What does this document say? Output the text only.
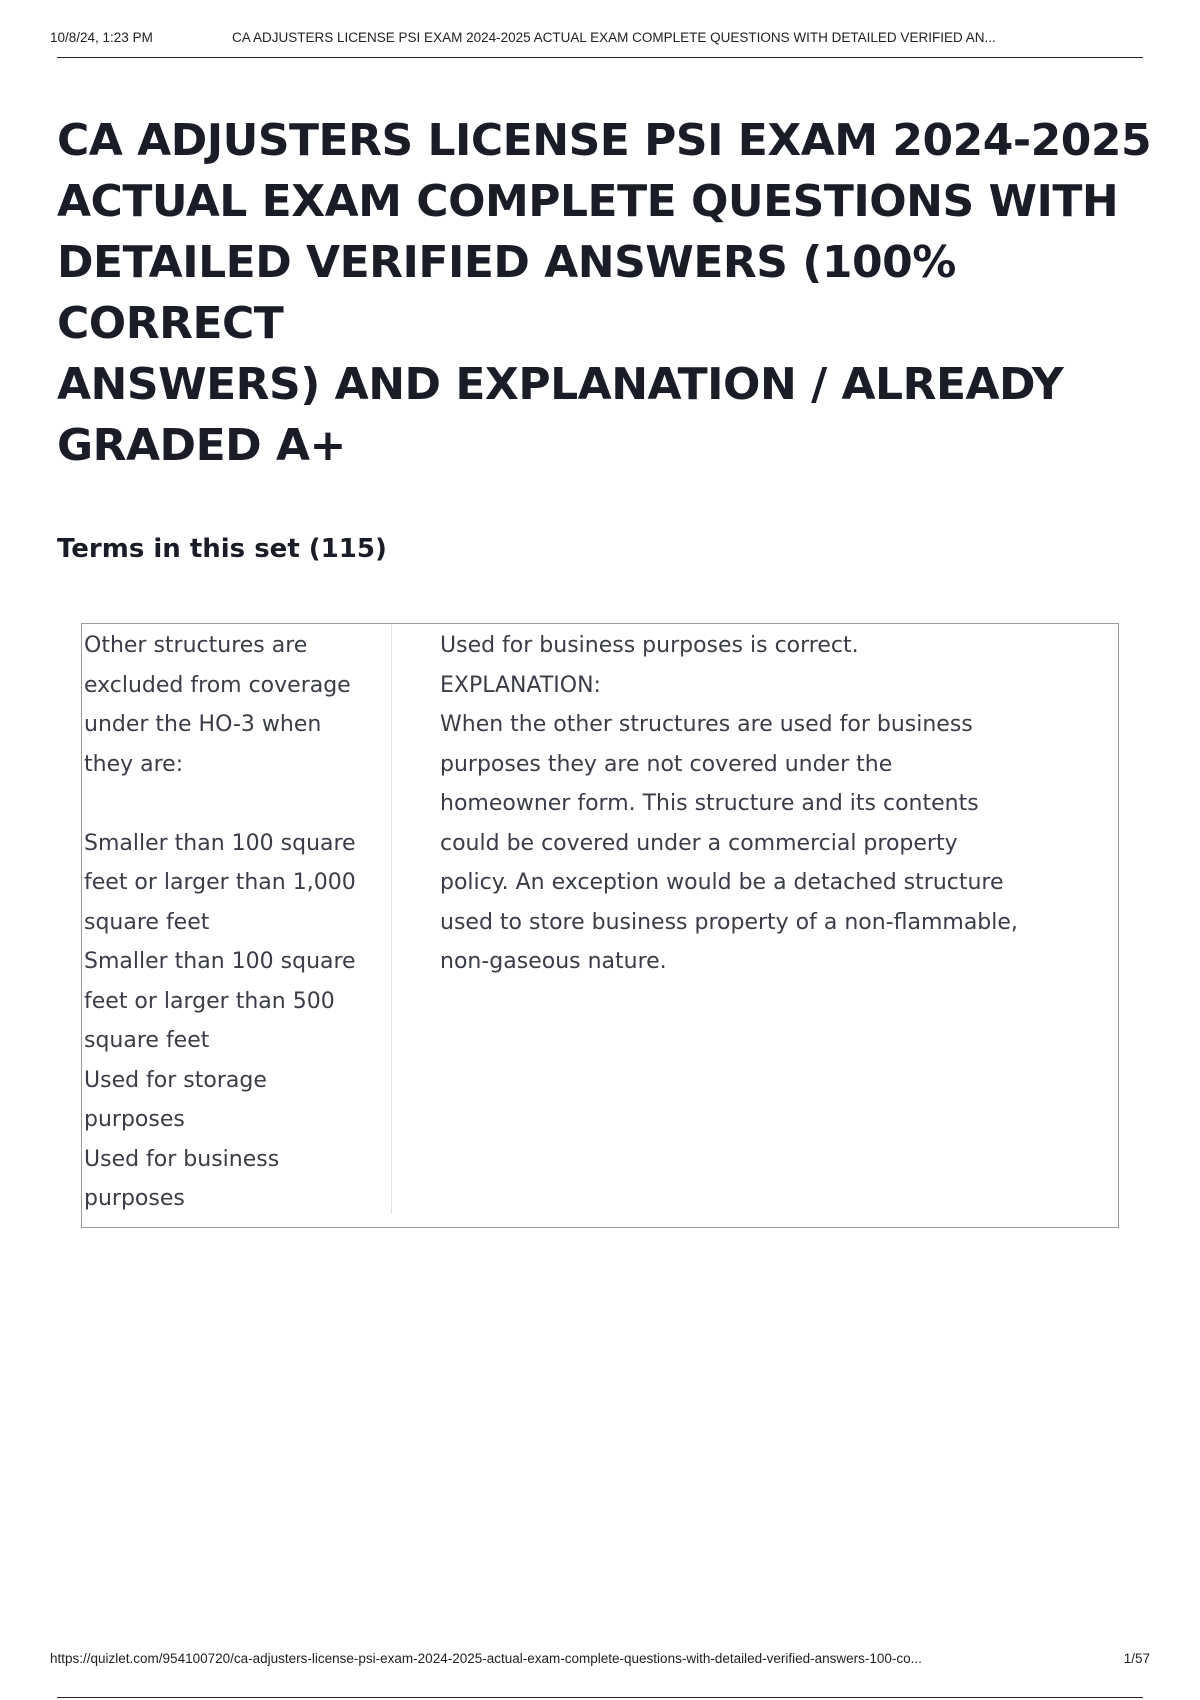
10/8/24, 1:23 PM	CA ADJUSTERS LICENSE PSI EXAM 2024-2025 ACTUAL EXAM COMPLETE QUESTIONS WITH DETAILED VERIFIED AN...
CA ADJUSTERS LICENSE PSI EXAM 2024-2025
ACTUAL EXAM COMPLETE QUESTIONS WITH
DETAILED VERIFIED ANSWERS (100% CORRECT
ANSWERS) AND EXPLANATION / ALREADY
GRADED A+
Terms in this set (115)
Other structures are
excluded from coverage
under the HO-3 when
they are:
Smaller than 100 square
feet or larger than 1,000
square feet
Smaller than 100 square
feet or larger than 500
square feet
Used for storage
purposes
Used for business
purposes
Used for business purposes is correct.
EXPLANATION:
When the other structures are used for business
purposes they are not covered under the
homeowner form. This structure and its contents
could be covered under a commercial property
policy. An exception would be a detached structure
used to store business property of a non-flammable,
non-gaseous nature.
https://quizlet.com/954100720/ca-adjusters-license-psi-exam-2024-2025-actual-exam-complete-questions-with-detailed-verified-answers-100-co...	1/57
